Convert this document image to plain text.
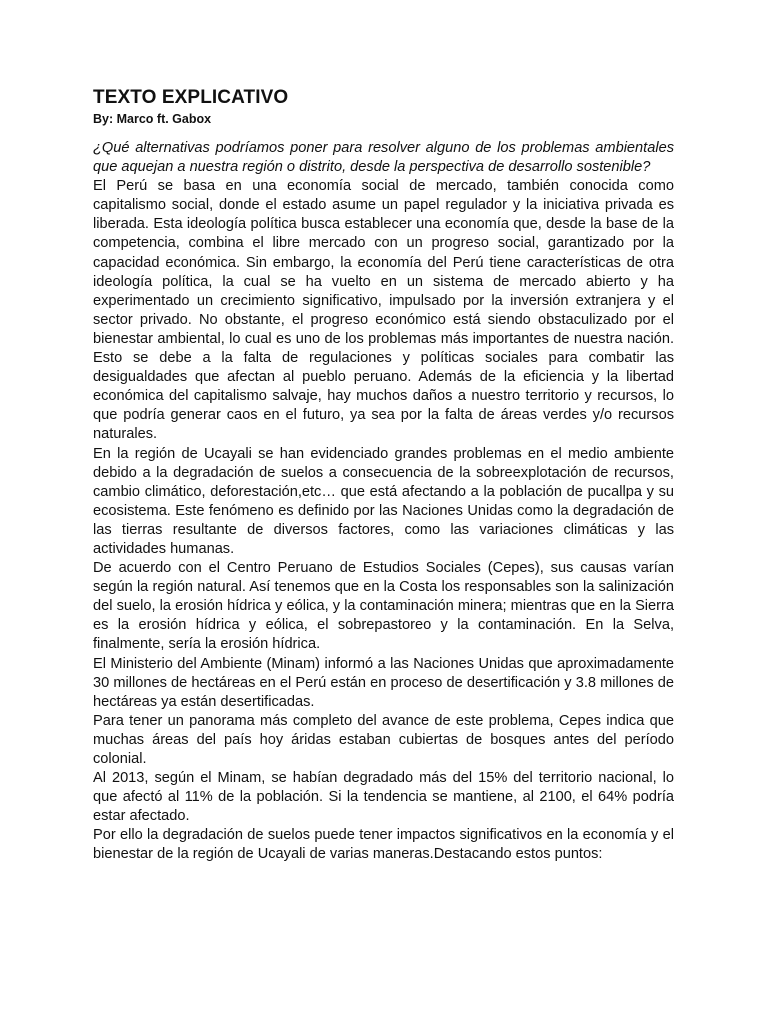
TEXTO EXPLICATIVO

By: Marco ft. Gabox

¿Qué alternativas podríamos poner para resolver alguno de los problemas ambientales que aquejan a nuestra región o distrito, desde la perspectiva de desarrollo sostenible?

El Perú se basa en una economía social de mercado, también conocida como capitalismo social, donde el estado asume un papel regulador y la iniciativa privada es liberada. Esta ideología política busca establecer una economía que, desde la base de la competencia, combina el libre mercado con un progreso social, garantizado por la capacidad económica. Sin embargo, la economía del Perú tiene características de otra ideología política, la cual se ha vuelto en un sistema de mercado abierto y ha experimentado un crecimiento significativo, impulsado por la inversión extranjera y el sector privado. No obstante, el progreso económico está siendo obstaculizado por el bienestar ambiental, lo cual es uno de los problemas más importantes de nuestra nación. Esto se debe a la falta de regulaciones y políticas sociales para combatir las desigualdades que afectan al pueblo peruano. Además de la eficiencia y la libertad económica del capitalismo salvaje, hay muchos daños a nuestro territorio y recursos, lo que podría generar caos en el futuro, ya sea por la falta de áreas verdes y/o recursos naturales.

En la región de Ucayali se han evidenciado grandes problemas en el medio ambiente debido a la degradación de suelos a consecuencia de la sobreexplotación de recursos, cambio climático, deforestación,etc… que está afectando a la población de pucallpa y su ecosistema. Este fenómeno es definido por las Naciones Unidas como la degradación de las tierras resultante de diversos factores, como las variaciones climáticas y las actividades humanas.

De acuerdo con el Centro Peruano de Estudios Sociales (Cepes), sus causas varían según la región natural. Así tenemos que en la Costa los responsables son la salinización del suelo, la erosión hídrica y eólica, y la contaminación minera; mientras que en la Sierra es la erosión hídrica y eólica, el sobrepastoreo y la contaminación. En la Selva, finalmente, sería la erosión hídrica.

El Ministerio del Ambiente (Minam) informó a las Naciones Unidas que aproximadamente 30 millones de hectáreas en el Perú están en proceso de desertificación y 3.8 millones de hectáreas ya están desertificadas.

Para tener un panorama más completo del avance de este problema, Cepes indica que muchas áreas del país hoy áridas estaban cubiertas de bosques antes del período colonial.

Al 2013, según el Minam, se habían degradado más del 15% del territorio nacional, lo que afectó al 11% de la población. Si la tendencia se mantiene, al 2100, el 64% podría estar afectado.

Por ello la degradación de suelos puede tener impactos significativos en la economía y el bienestar de la región de Ucayali de varias maneras.Destacando estos puntos:
